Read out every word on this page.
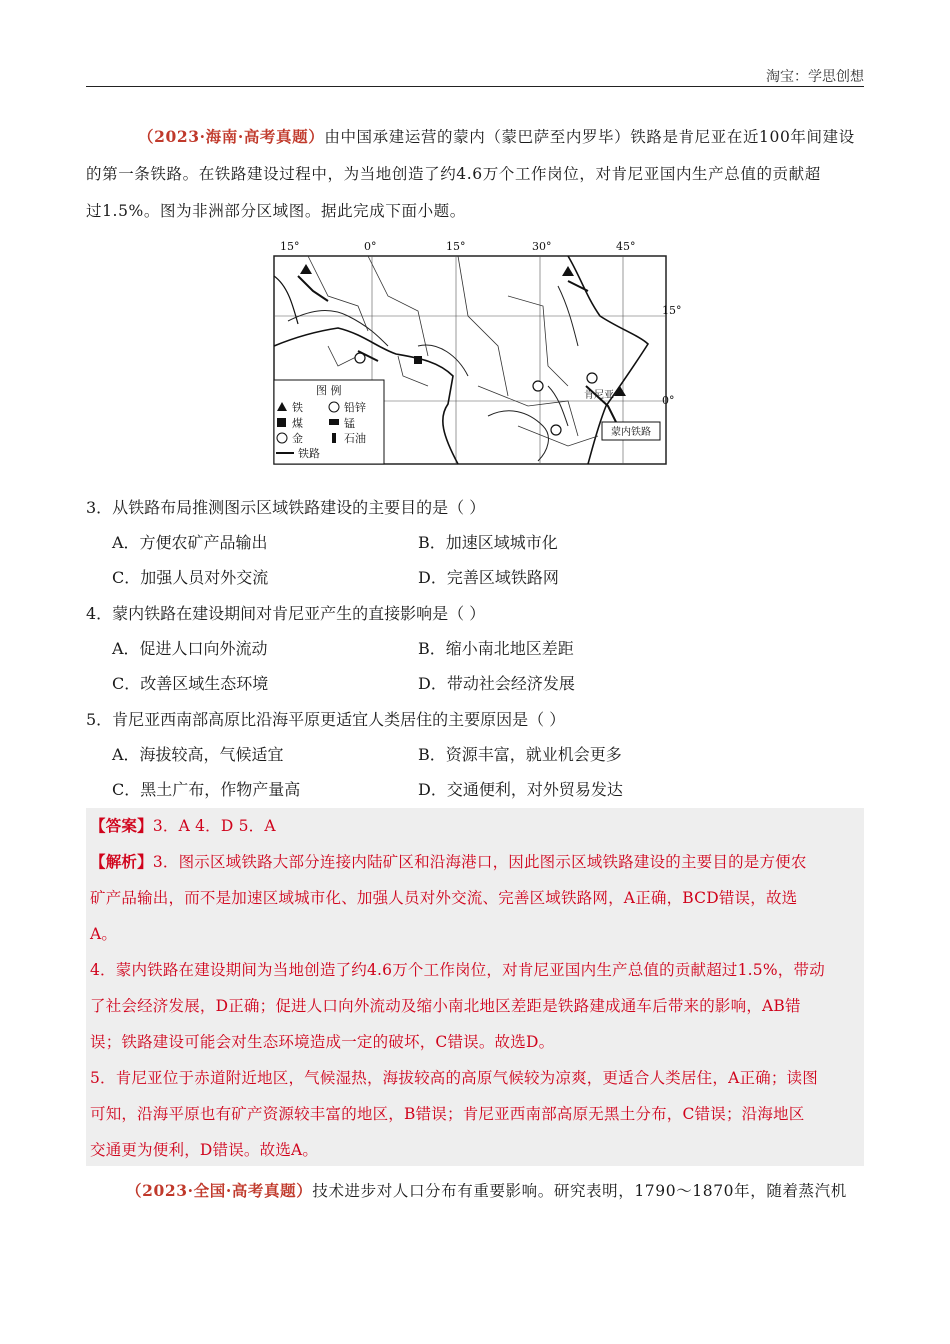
淘宝：学思创想
（2023·海南·高考真题）由中国承建运营的蒙内（蒙巴萨至内罗毕）铁路是肯尼亚在近100年间建设
的第一条铁路。在铁路建设过程中，为当地创造了约4.6万个工作岗位，对肯尼亚国内生产总值的贡献超
过1.5%。图为非洲部分区域图。据此完成下面小题。
15°	0°	15°	30°	45°
15°
0°
肯尼亚
蒙内铁路
图 例
铁	铅锌
煤	锰
金	石油
铁路
3．从铁路布局推测图示区域铁路建设的主要目的是（ ）
A．方便农矿产品输出	B．加速区域城市化
C．加强人员对外交流	D．完善区域铁路网
4．蒙内铁路在建设期间对肯尼亚产生的直接影响是（ ）
A．促进人口向外流动	B．缩小南北地区差距
C．改善区域生态环境	D．带动社会经济发展
5．肯尼亚西南部高原比沿海平原更适宜人类居住的主要原因是（ ）
A．海拔较高，气候适宜	B．资源丰富，就业机会更多
C．黑土广布，作物产量高	D．交通便利，对外贸易发达
【答案】3．A 4．D 5．A
【解析】3．图示区域铁路大部分连接内陆矿区和沿海港口，因此图示区域铁路建设的主要目的是方便农
矿产品输出，而不是加速区域城市化、加强人员对外交流、完善区域铁路网，A正确，BCD错误，故选
A。
4．蒙内铁路在建设期间为当地创造了约4.6万个工作岗位，对肯尼亚国内生产总值的贡献超过1.5%，带动
了社会经济发展，D正确；促进人口向外流动及缩小南北地区差距是铁路建成通车后带来的影响，AB错
误；铁路建设可能会对生态环境造成一定的破坏，C错误。故选D。
5．肯尼亚位于赤道附近地区，气候湿热，海拔较高的高原气候较为凉爽，更适合人类居住，A正确；读图
可知，沿海平原也有矿产资源较丰富的地区，B错误；肯尼亚西南部高原无黑土分布，C错误；沿海地区
交通更为便利，D错误。故选A。
（2023·全国·高考真题）技术进步对人口分布有重要影响。研究表明，1790～1870年，随着蒸汽机
